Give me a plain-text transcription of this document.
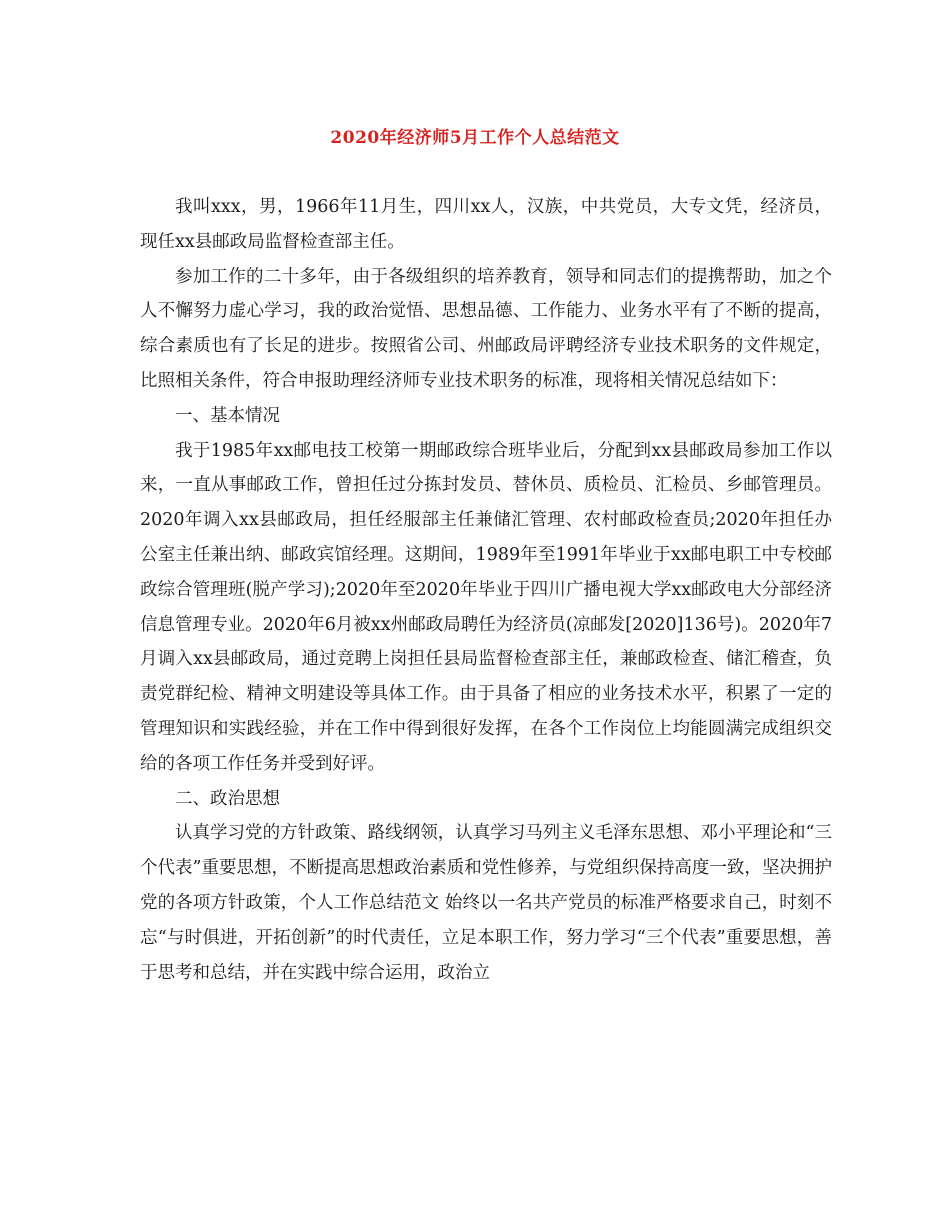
2020年经济师5月工作个人总结范文

我叫xxx，男，1966年11月生，四川xx人，汉族，中共党员，大专文凭，经济员，现任xx县邮政局监督检查部主任。

参加工作的二十多年，由于各级组织的培养教育，领导和同志们的提携帮助，加之个人不懈努力虚心学习，我的政治觉悟、思想品德、工作能力、业务水平有了不断的提高，综合素质也有了长足的进步。按照省公司、州邮政局评聘经济专业技术职务的文件规定，比照相关条件，符合申报助理经济师专业技术职务的标准，现将相关情况总结如下：

一、基本情况

我于1985年xx邮电技工校第一期邮政综合班毕业后，分配到xx县邮政局参加工作以来，一直从事邮政工作，曾担任过分拣封发员、替休员、质检员、汇检员、乡邮管理员。2020年调入xx县邮政局，担任经服部主任兼储汇管理、农村邮政检查员;2020年担任办公室主任兼出纳、邮政宾馆经理。这期间，1989年至1991年毕业于xx邮电职工中专校邮政综合管理班(脱产学习);2020年至2020年毕业于四川广播电视大学xx邮政电大分部经济信息管理专业。2020年6月被xx州邮政局聘任为经济员(凉邮发[2020]136号)。2020年7月调入xx县邮政局，通过竞聘上岗担任县局监督检查部主任，兼邮政检查、储汇稽查，负责党群纪检、精神文明建设等具体工作。由于具备了相应的业务技术水平，积累了一定的管理知识和实践经验，并在工作中得到很好发挥，在各个工作岗位上均能圆满完成组织交给的各项工作任务并受到好评。

二、政治思想

认真学习党的方针政策、路线纲领，认真学习马列主义毛泽东思想、邓小平理论和“三个代表”重要思想，不断提高思想政治素质和党性修养，与党组织保持高度一致，坚决拥护党的各项方针政策，个人工作总结范文 始终以一名共产党员的标准严格要求自己，时刻不忘“与时俱进，开拓创新”的时代责任，立足本职工作，努力学习“三个代表”重要思想，善于思考和总结，并在实践中综合运用，政治立
